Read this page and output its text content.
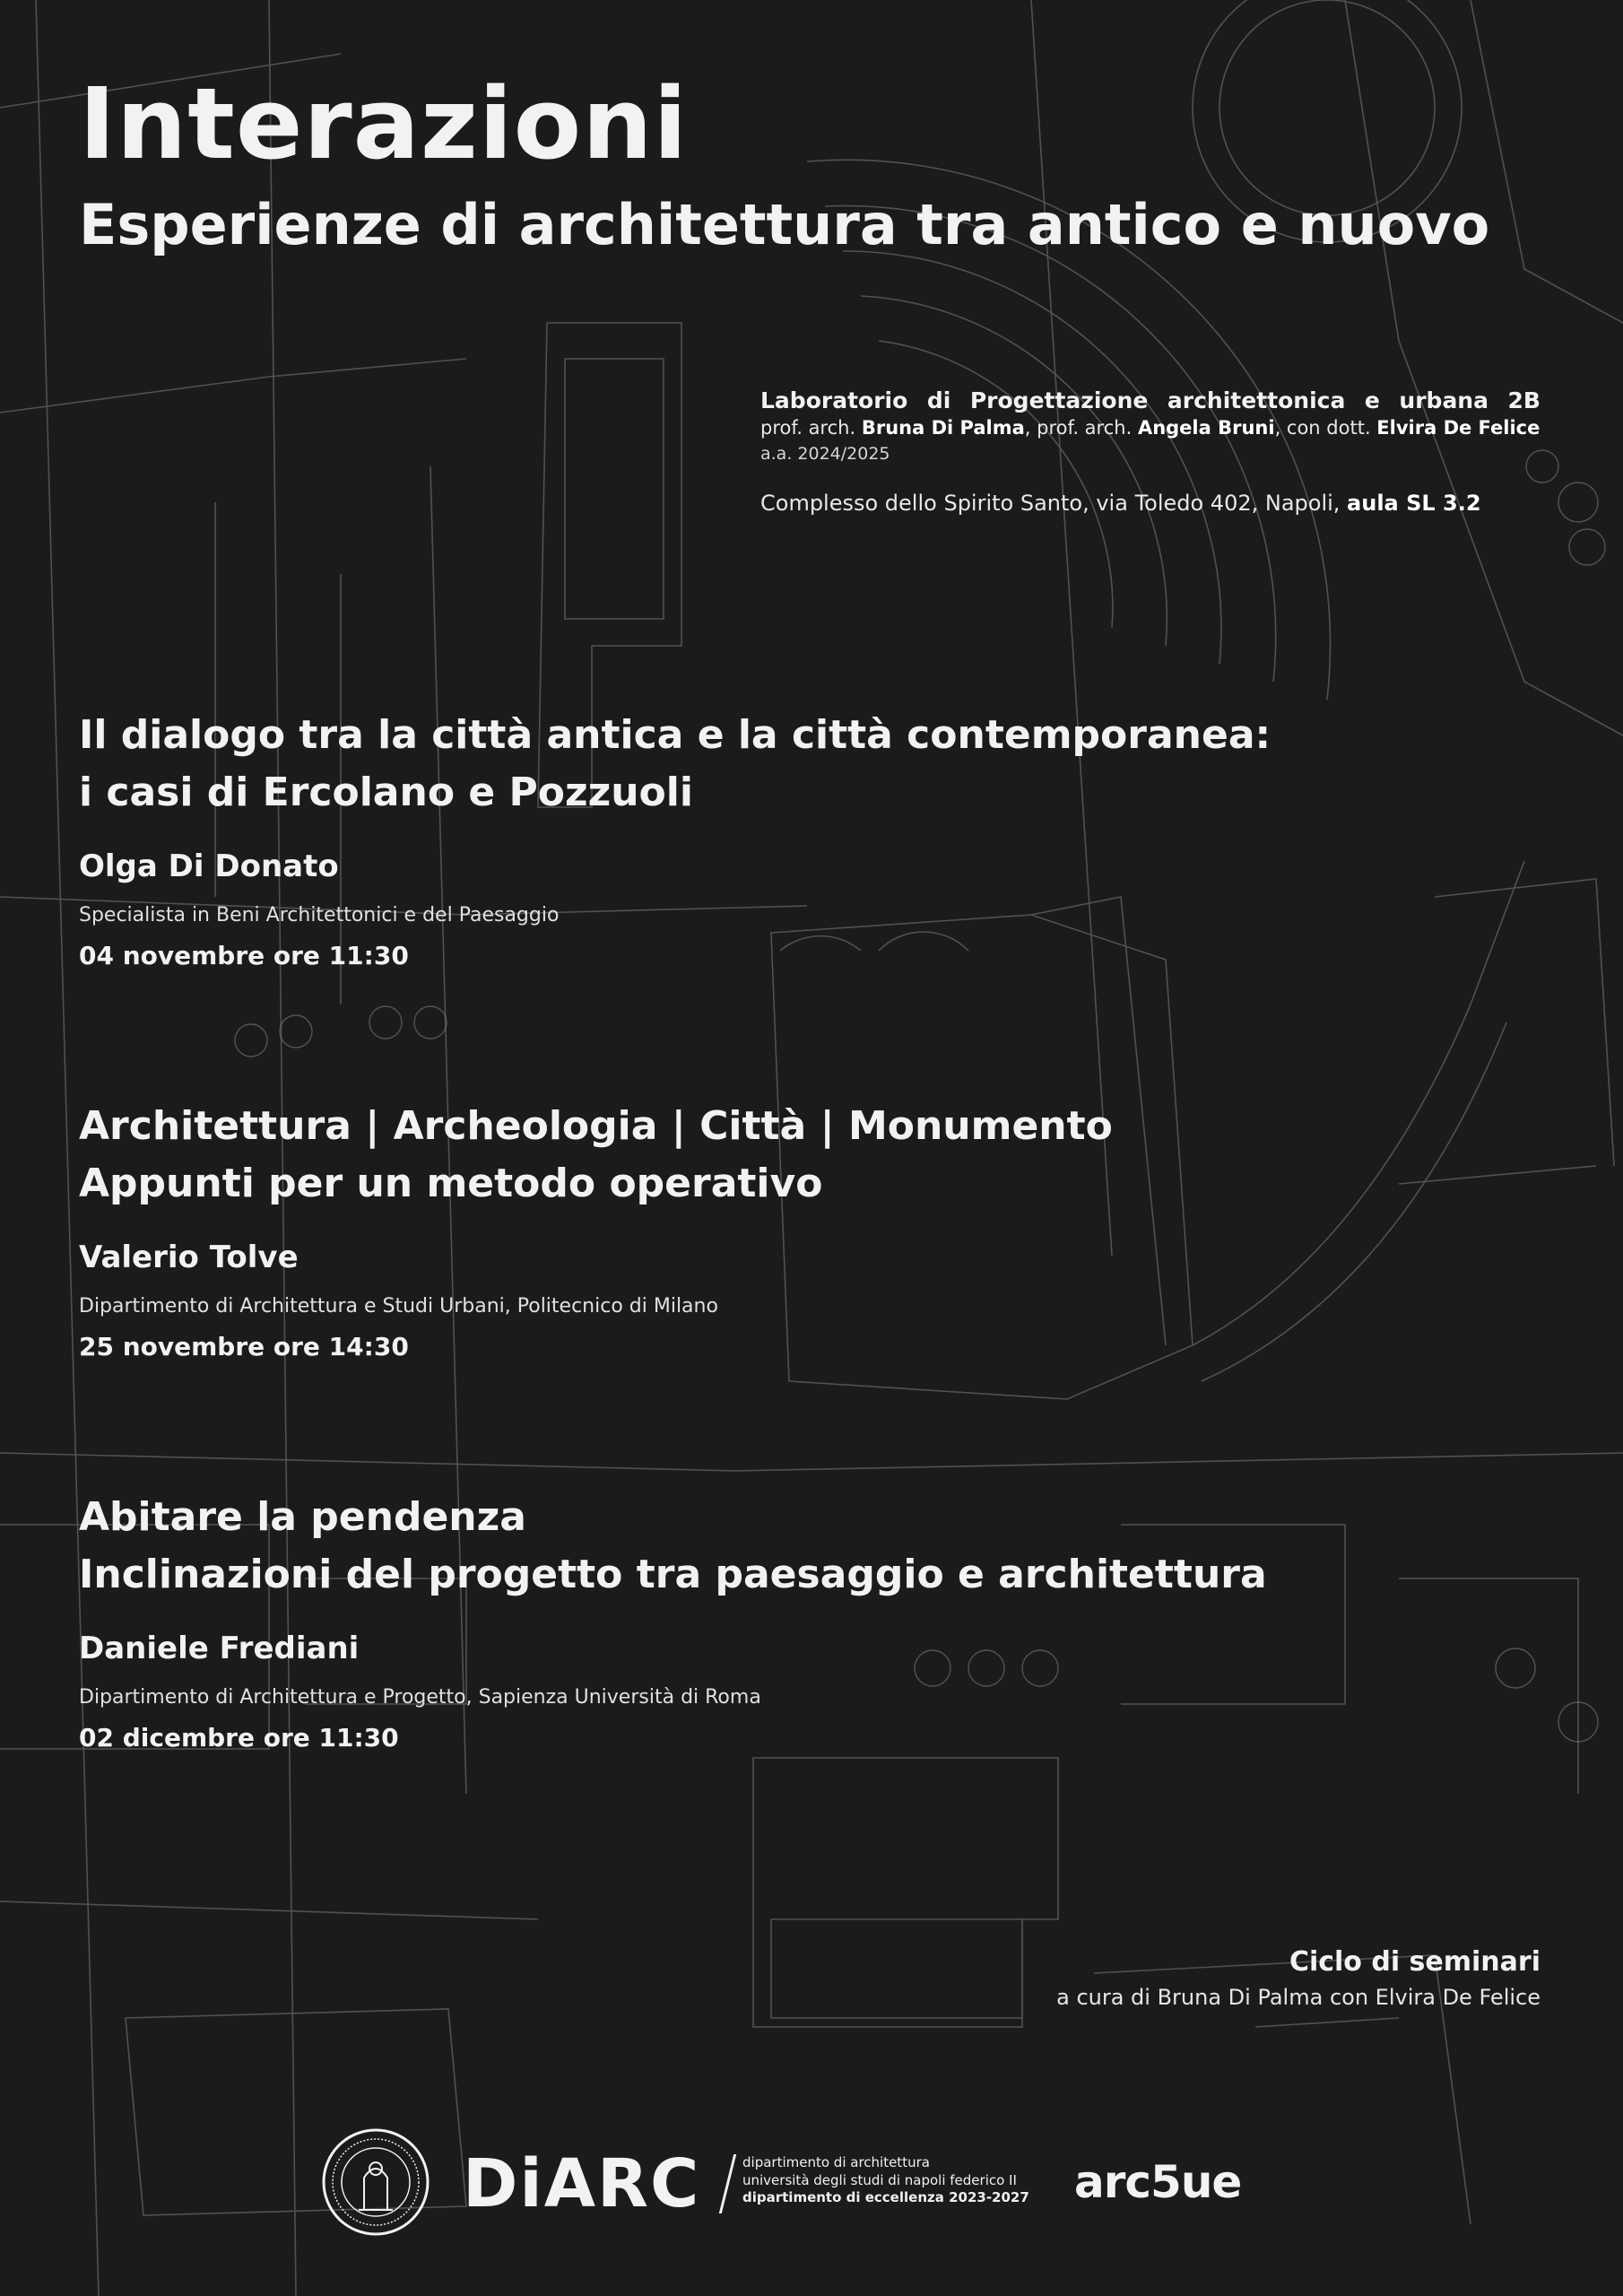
Interazioni
Esperienze di architettura tra antico e nuovo
Laboratorio di Progettazione architettonica e urbana 2B
prof. arch. Bruna Di Palma, prof. arch. Angela Bruni, con dott. Elvira De Felice
a.a. 2024/2025
Complesso dello Spirito Santo, via Toledo 402, Napoli, aula SL 3.2
Il dialogo tra la città antica e la città contemporanea:
i casi di Ercolano e Pozzuoli
Olga Di Donato
Specialista in Beni Architettonici e del Paesaggio
04 novembre ore 11:30
Architettura | Archeologia | Città | Monumento
Appunti per un metodo operativo
Valerio Tolve
Dipartimento di Architettura e Studi Urbani, Politecnico di Milano
25 novembre ore 14:30
Abitare la pendenza
Inclinazioni del progetto tra paesaggio e architettura
Daniele Frediani
Dipartimento di Architettura e Progetto, Sapienza Università di Roma
02 dicembre ore 11:30
Ciclo di seminari
a cura di Bruna Di Palma con Elvira De Felice
DiARC	dipartimento di architettura
università degli studi di napoli federico II
dipartimento di eccellenza 2023-2027 arc5ue
